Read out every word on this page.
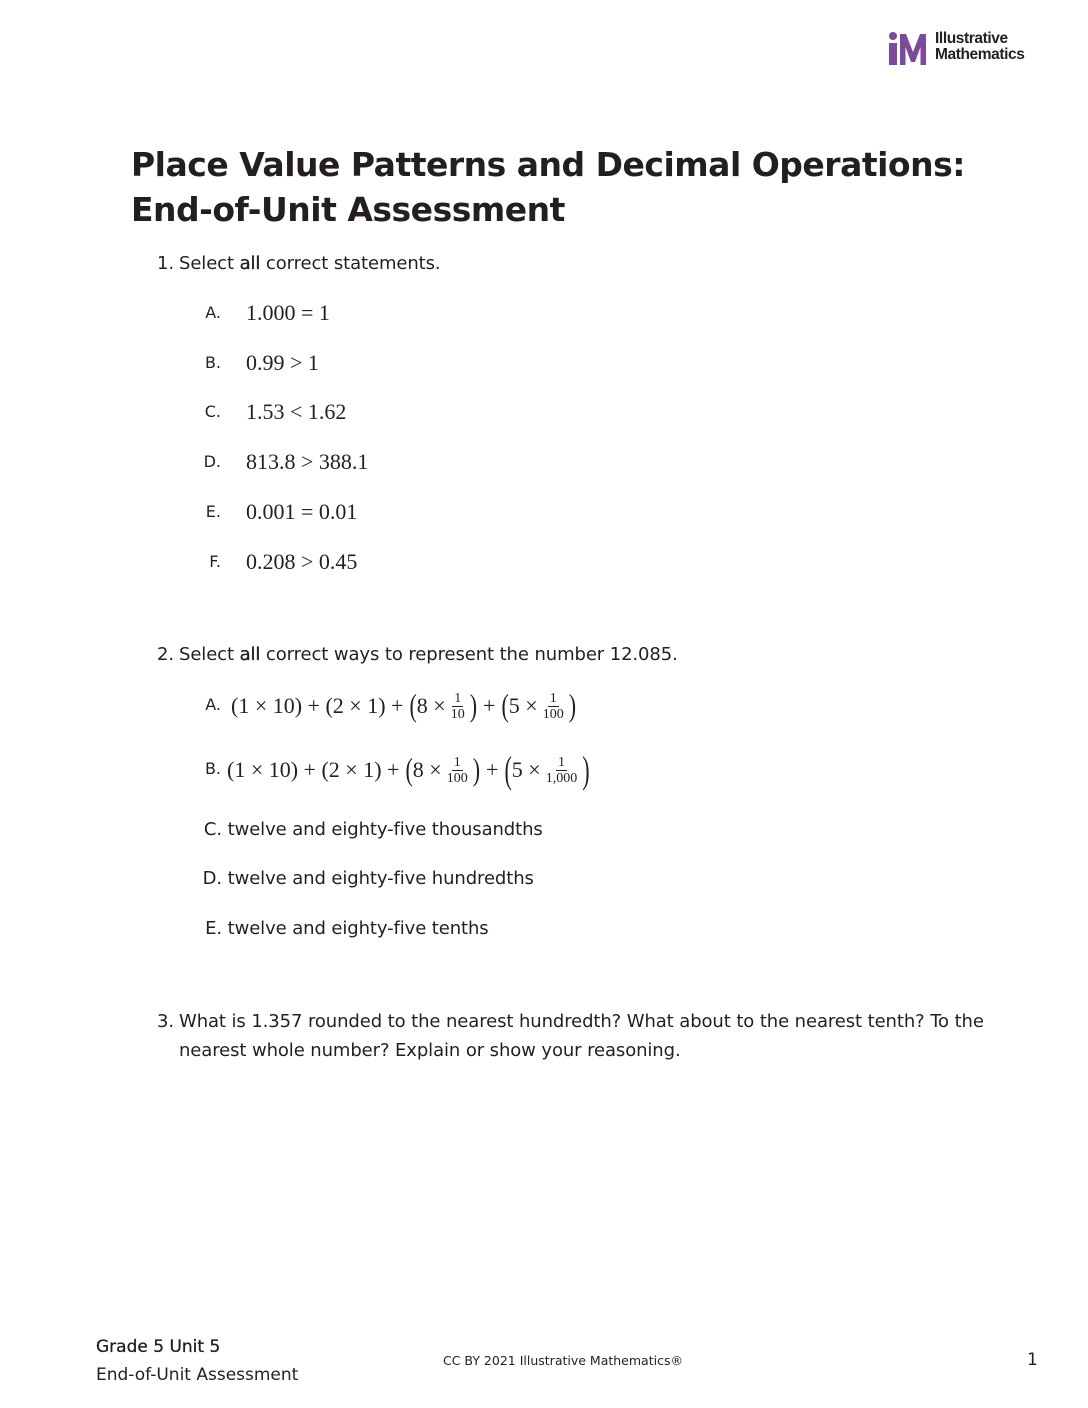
Illustrative
Mathematics
Place Value Patterns and Decimal Operations:
End-of-Unit Assessment
1. Select all correct statements.
A. 1.000 = 1
B. 0.99 > 1
C. 1.53 < 1.62
D. 813.8 > 388.1
E. 0.001 = 0.01
F. 0.208 > 0.45
2. Select all correct ways to represent the number 12.085.
A. (1 × 10) + (2 × 1) + ( $8 \times \frac{1}{10}$ ) + ( $5 \times \frac{1}{100}$ )
B. (1 × 10) + (2 × 1) + ( $8 \times \frac{1}{100}$ ) + ( $5 \times \frac{1}{1,000}$ )
C. twelve and eighty-five thousandths
D. twelve and eighty-five hundredths
E. twelve and eighty-five tenths
3. What is 1.357 rounded to the nearest hundredth? What about to the nearest tenth? To the
nearest whole number? Explain or show your reasoning.
Grade 5 Unit 5
End-of-Unit Assessment
CC BY 2021 Illustrative Mathematics®	1
